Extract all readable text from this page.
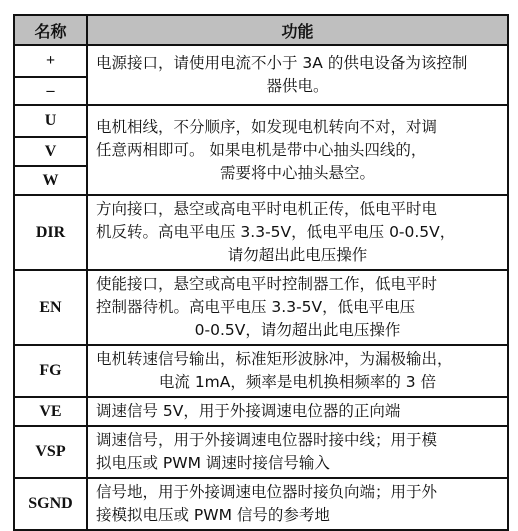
名称	功能
+	电源接口，请使用电流不小于 3A 的供电设备为该控制
器供电。

–	
U	电机相线，不分顺序，如发现电机转向不对，对调
任意两相即可。 如果电机是带中心抽头四线的，
需要将中心抽头悬空。

V	
W	
DIR	方向接口，悬空或高电平时电机正传，低电平时电
机反转。高电平电压 3.3-5V，低电平电压 0-0.5V，
请勿超出此电压操作

EN	使能接口，悬空或高电平时控制器工作，低电平时
控制器待机。高电平电压 3.3-5V，低电平电压
0-0.5V，请勿超出此电压操作

FG	电机转速信号输出，标准矩形波脉冲，为漏极输出，
电流 1mA，频率是电机换相频率的 3 倍

VE	调速信号 5V，用于外接调速电位器的正向端
VSP	调速信号，用于外接调速电位器时接中线；用于模
拟电压或 PWM 调速时接信号输入
SGND	信号地，用于外接调速电位器时接负向端；用于外
接模拟电压或 PWM 信号的参考地
